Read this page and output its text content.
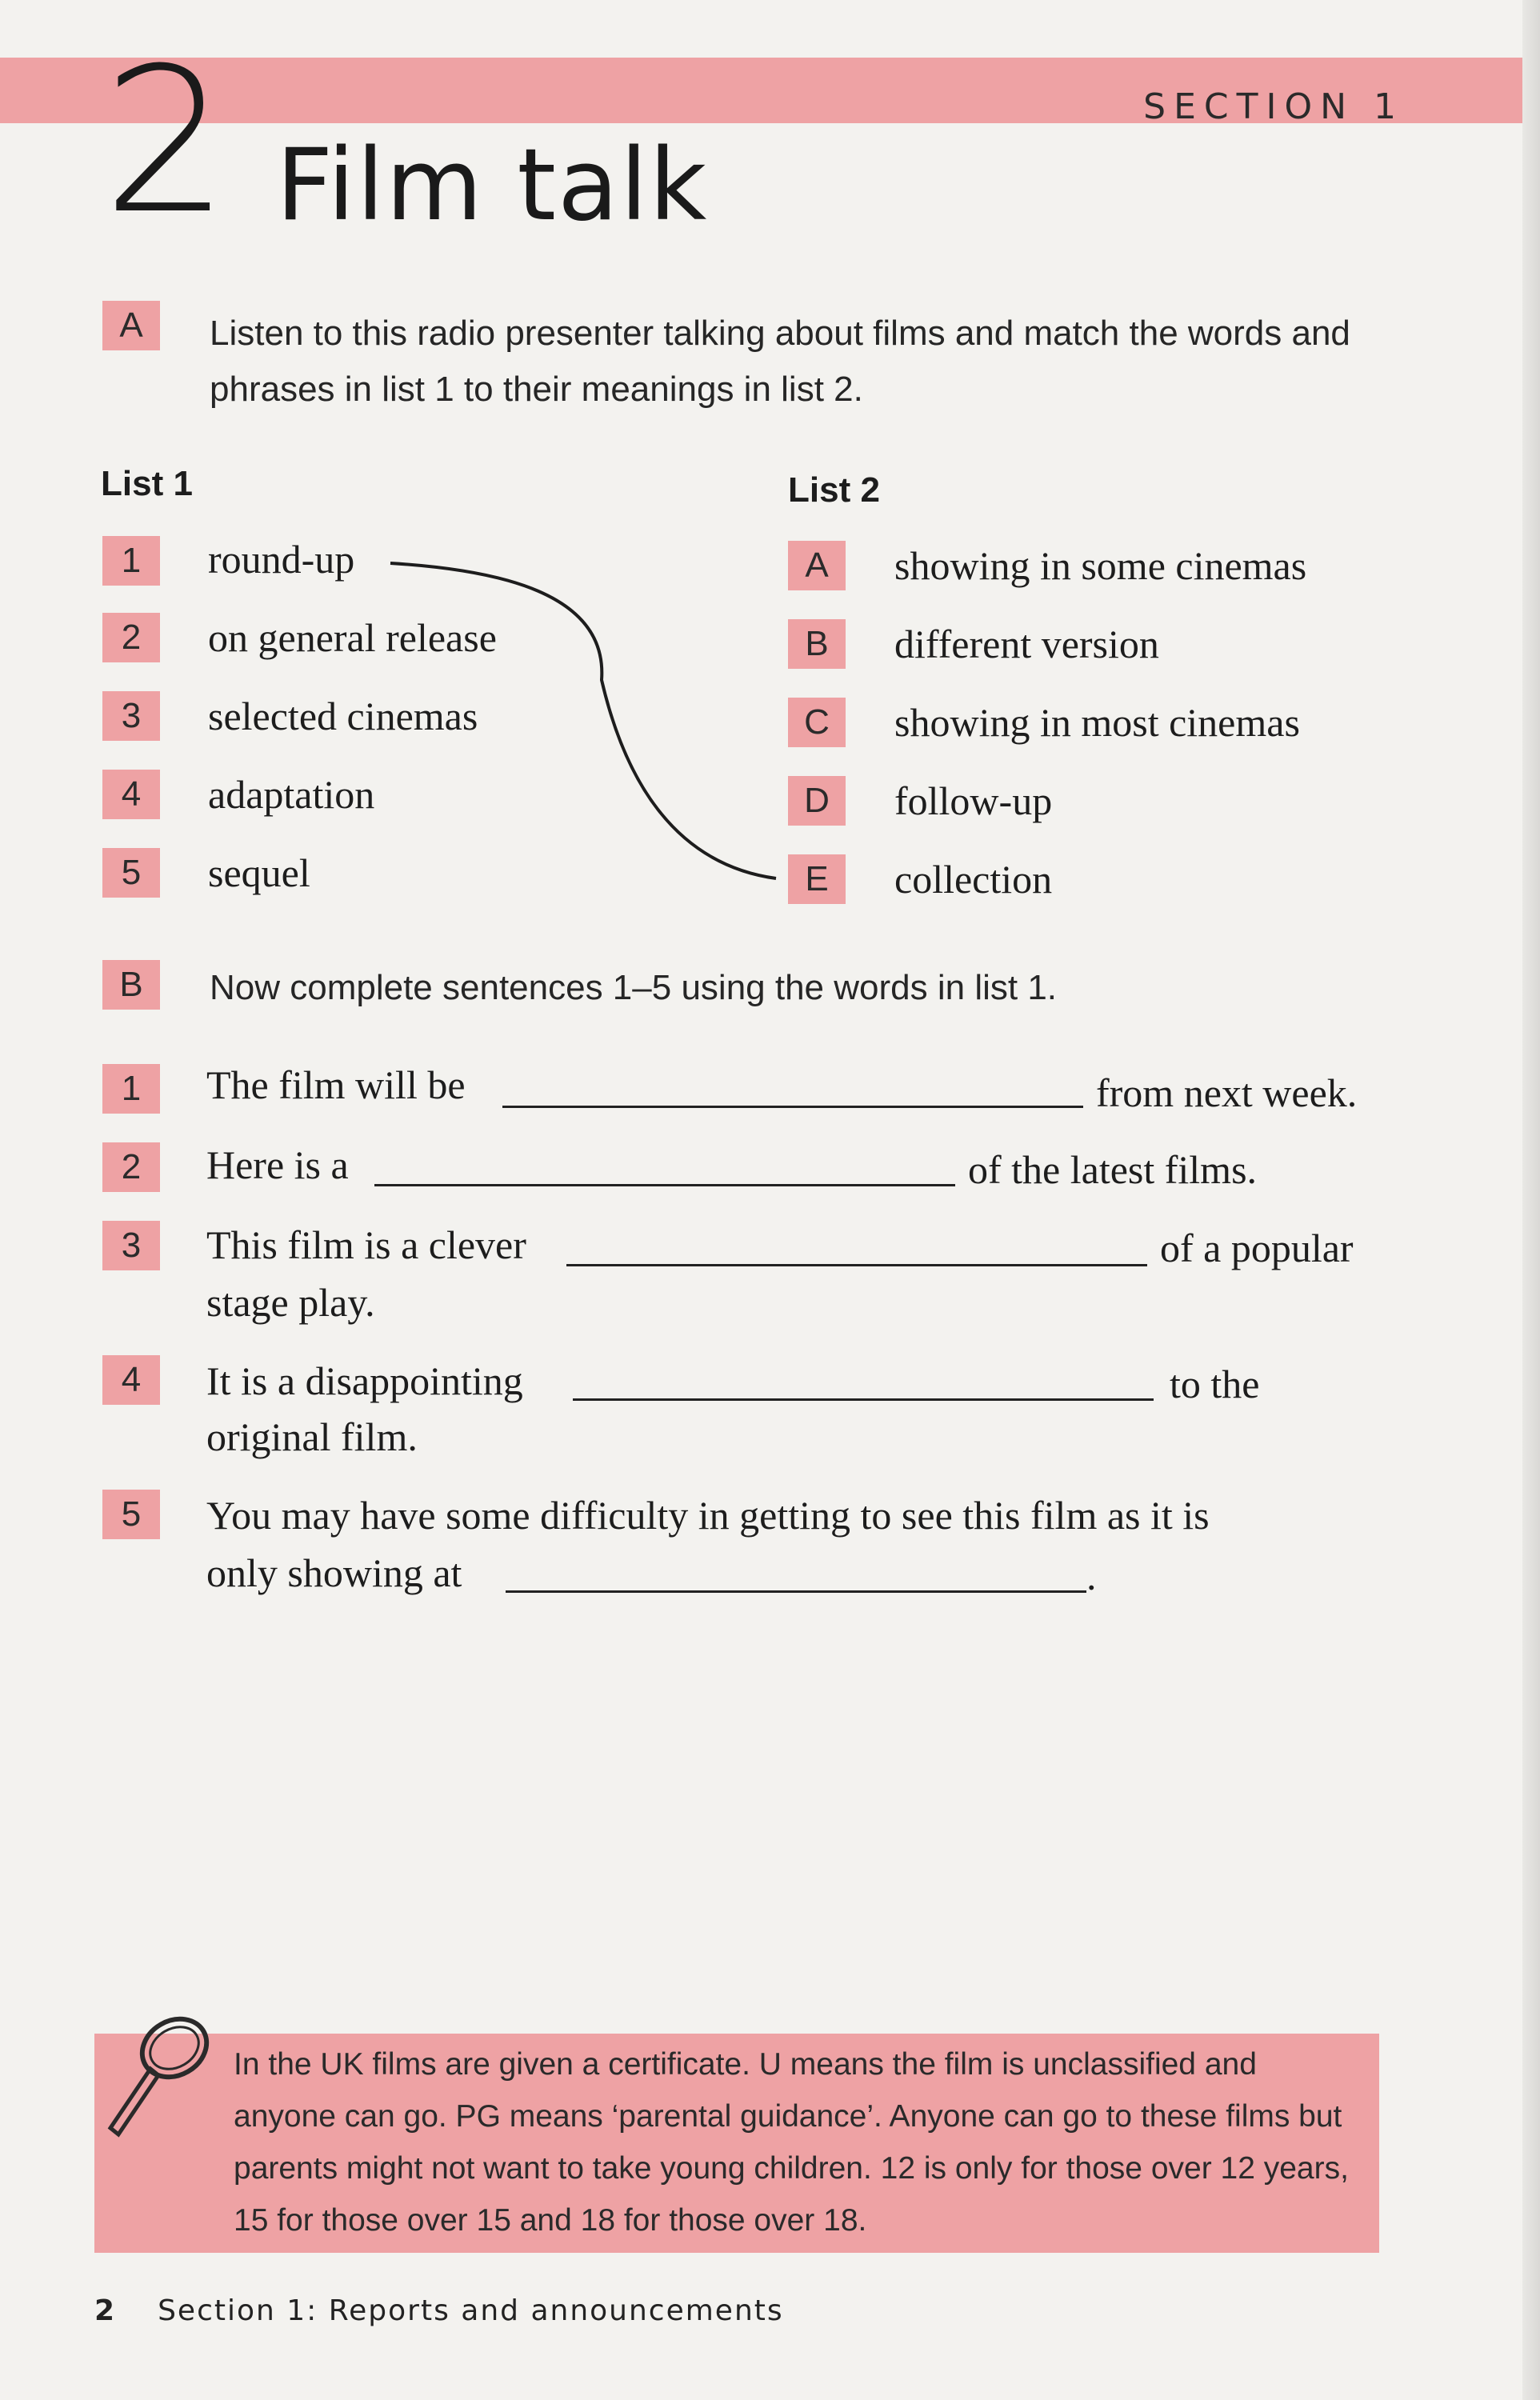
SECTION 1
2 Film talk
A	Listen to this radio presenter talking about films and match the words and phrases in list 1 to their meanings in list 2.
List 1	List 2
1	round-up
2	on general release
3	selected cinemas
4	adaptation
5	sequel
A	showing in some cinemas
B	different version
C	showing in most cinemas
D	follow-up
E	collection
B	Now complete sentences 1–5 using the words in list 1.
1	The film will be	from next week.
2	Here is a	of the latest films.
3	This film is a clever	of a popular
stage play.
4	It is a disappointing	to the
original film.
5	You may have some difficulty in getting to see this film as it is
only showing at	.
In the UK films are given a certificate. U means the film is unclassified and anyone can go. PG means ‘parental guidance’. Anyone can go to these films but parents might not want to take young children. 12 is only for those over 12 years, 15 for those over 15 and 18 for those over 18.
2 Section 1: Reports and announcements
